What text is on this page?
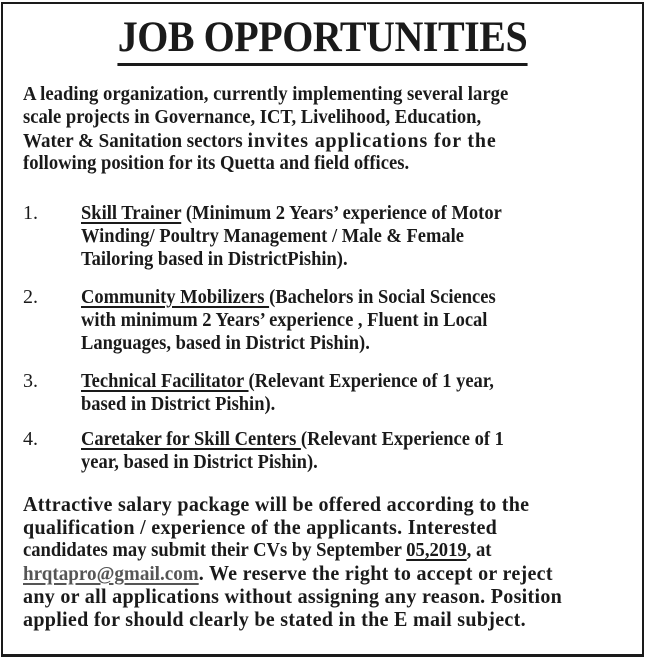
JOB OPPORTUNITIES
A leading organization, currently implementing several large
scale projects in Governance, ICT, Livelihood, Education,
Water & Sanitation sectors invites applications for the
following position for its Quetta and field offices.
1. Skill Trainer (Minimum 2 Years’ experience of Motor
Winding/ Poultry Management / Male & Female
Tailoring based in DistrictPishin).
2. Community Mobilizers (Bachelors in Social Sciences
with minimum 2 Years’ experience , Fluent in Local
Languages, based in District Pishin).
3. Technical Facilitator (Relevant Experience of 1 year,
based in District Pishin).
4. Caretaker for Skill Centers (Relevant Experience of 1
year, based in District Pishin).
Attractive salary package will be offered according to the
qualification / experience of the applicants. Interested
candidates may submit their CVs by September 05,2019, at
hrqtapro@gmail.com. We reserve the right to accept or reject
any or all applications without assigning any reason. Position
applied for should clearly be stated in the E mail subject.
